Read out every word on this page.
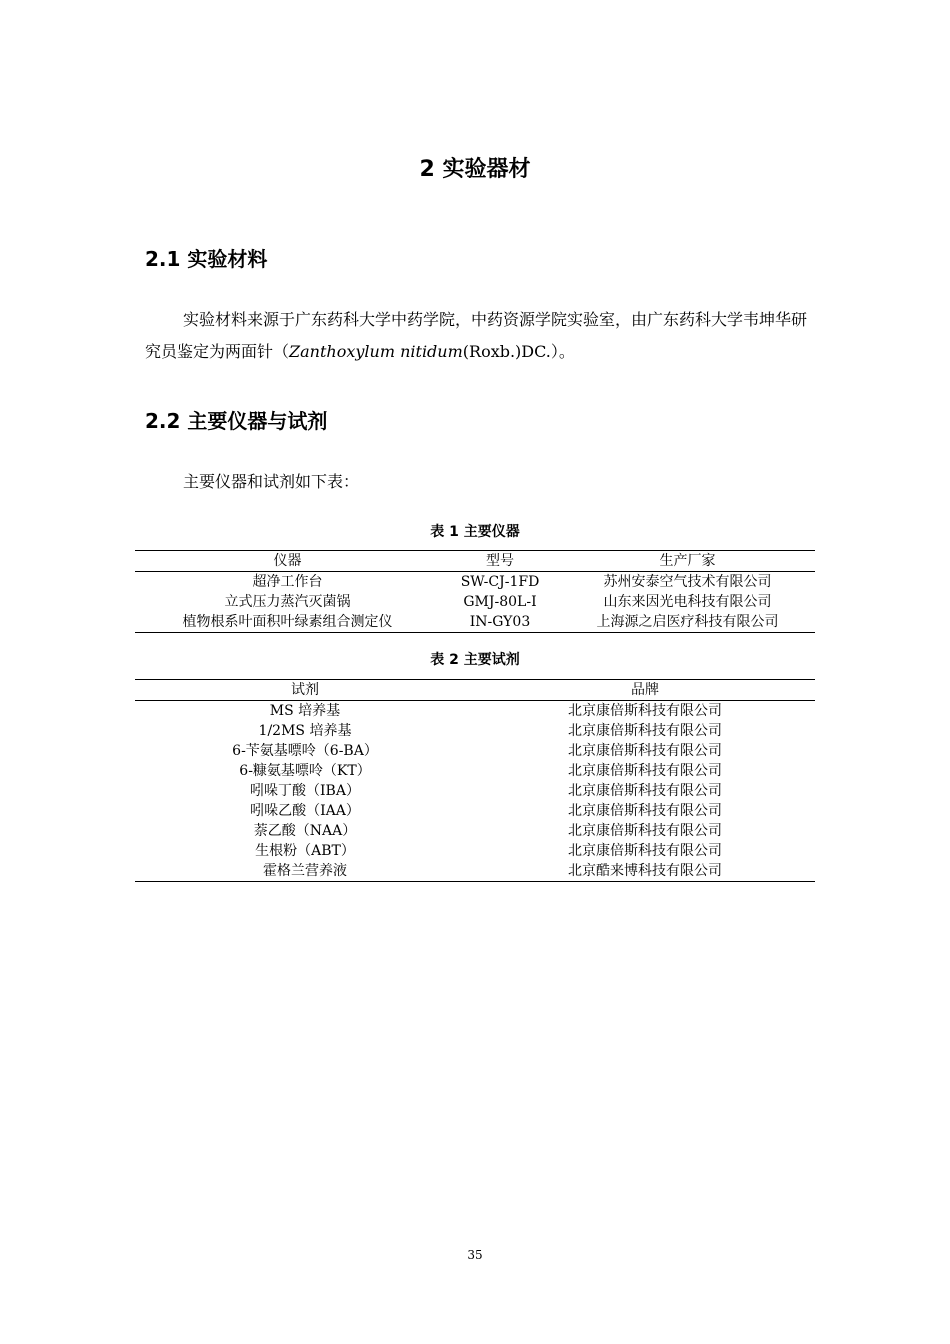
2 实验器材
2.1 实验材料
实验材料来源于广东药科大学中药学院，中药资源学院实验室，由广东药科大学韦坤华研究员鉴定为两面针（Zanthoxylum nitidum(Roxb.)DC.）。
2.2 主要仪器与试剂
主要仪器和试剂如下表：
表 1 主要仪器
仪器	型号	生产厂家
超净工作台	SW-CJ-1FD	苏州安泰空气技术有限公司
立式压力蒸汽灭菌锅	GMJ-80L-I	山东来因光电科技有限公司
植物根系叶面积叶绿素组合测定仪	IN-GY03	上海源之启医疗科技有限公司
表 2 主要试剂
试剂	品牌
MS 培养基	北京康倍斯科技有限公司
1/2MS 培养基	北京康倍斯科技有限公司
6-苄氨基嘌呤（6-BA）	北京康倍斯科技有限公司
6-糠氨基嘌呤（KT）	北京康倍斯科技有限公司
吲哚丁酸（IBA）	北京康倍斯科技有限公司
吲哚乙酸（IAA）	北京康倍斯科技有限公司
萘乙酸（NAA）	北京康倍斯科技有限公司
生根粉（ABT）	北京康倍斯科技有限公司
霍格兰营养液	北京酷来博科技有限公司
35
